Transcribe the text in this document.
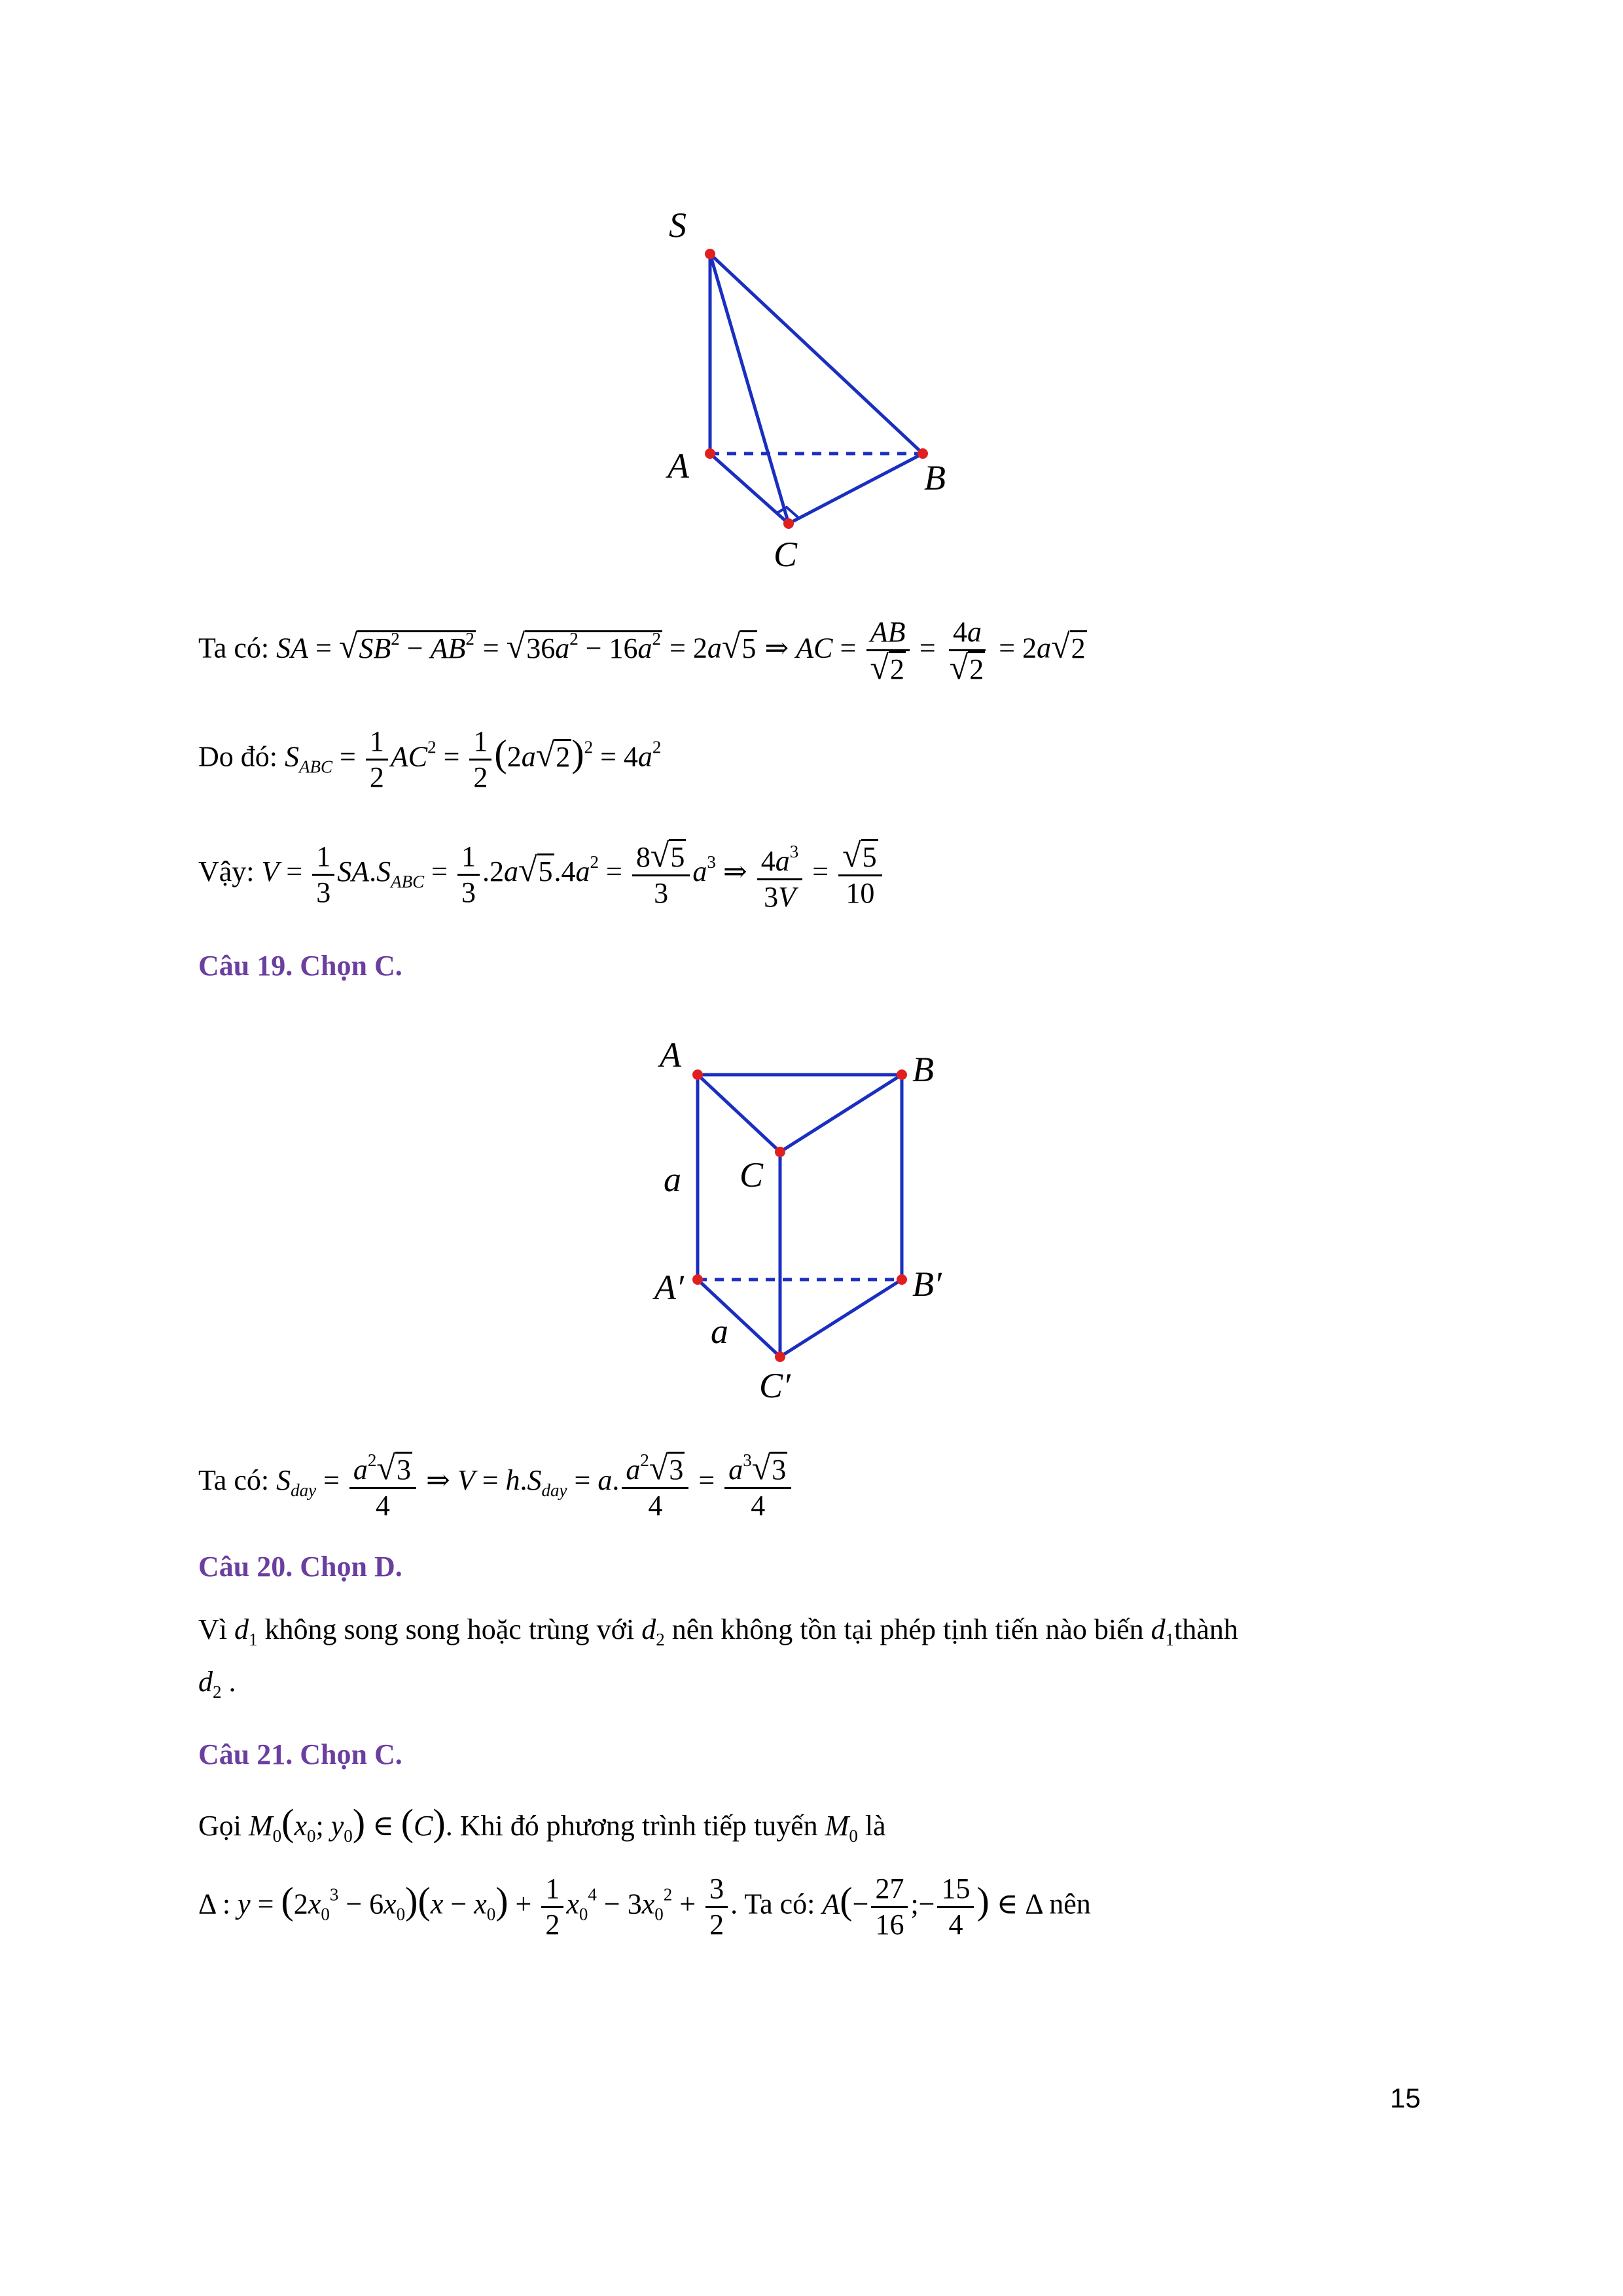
S
A	B
C
Ta có: SA = $√SB^2 - AB^2 = √36a^2 - 16a^2 = 2a√5$ ⇒ AC = $\frac{AB}{√2} = \frac{4a}{√2} = 2a√2$
Do đó: $S_{ABC} = \frac{1}{2} AC^2 = \frac{1}{2} (2a√2)^2 = 4a^2$
Vậy: $V = \frac{1}{3} SA.S_{ABC} = \frac{1}{3} .2a√5.4a^2 = \frac{8√5}{3} a^3$ ⇒ $\frac{4a^3}{3V} = \frac{√5}{10}$
Câu 19. Chọn C.
A	B
C
a
A′	B′
a
C′
Ta có: $S_{day} = \frac{a^2√3}{4}$ ⇒ $V = h.S_{day} = a$. $\frac{a^2√3}{4} = \frac{a^3√3}{4}$
Câu 20. Chọn D.
Vì $d_1$ không song song hoặc trùng với $d_2$ nên không tồn tại phép tịnh tiến nào biến $d_1thành$
$d_2$ .
Câu 21. Chọn C.
Gọi $M_0(x_0$; $y_0$) ∈ (C). Khi đó phương trình tiếp tuyến $M_0$ là
Δ : $y = (2x_0^3 - 6x_0)(x - x_0) + \frac{1}{2} x_0^4 - 3x_0^2 + \frac{3}{2}$ . Ta có: $A(- \frac{27}{16}$ ;− $\frac{15}{4}$ ) ∈ Δ nên
15
